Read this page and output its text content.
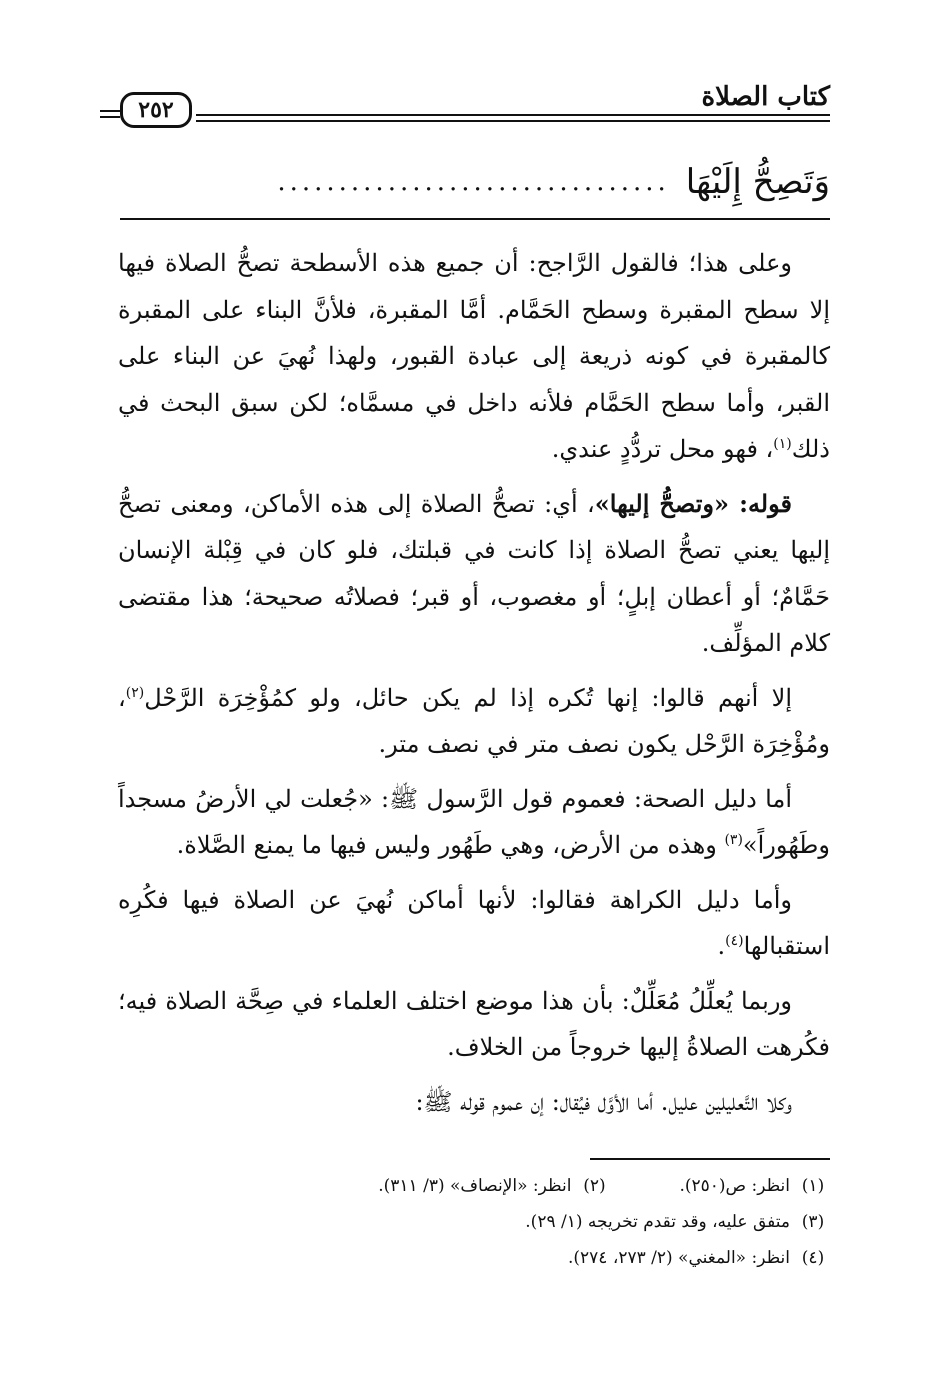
٢٥٢	كتاب الصلاة
وَتَصِحُّ إِلَيْهَا
................................

وعلى هذا؛ فالقول الرَّاجح: أن جميع هذه الأسطحة تصحُّ الصلاة فيها إلا سطح المقبرة وسطح الحَمَّام. أمَّا المقبرة، فلأنَّ البناء على المقبرة كالمقبرة في كونه ذريعة إلى عبادة القبور، ولهذا نُهيَ عن البناء على القبر، وأما سطح الحَمَّام فلأنه داخل في مسمَّاه؛ لكن سبق البحث في ذلك$^{(١)}$، فهو محل تردُّدٍ عندي.

قوله: «وتصحُّ إليها»، أي: تصحُّ الصلاة إلى هذه الأماكن، ومعنى تصحُّ إليها يعني تصحُّ الصلاة إذا كانت في قبلتك، فلو كان في قِبْلة الإنسان حَمَّامٌ؛ أو أعطان إبلٍ؛ أو مغصوب، أو قبر؛ فصلاتُه صحيحة؛ هذا مقتضى كلام المؤلِّف.

إلا أنهم قالوا: إنها تُكره إذا لم يكن حائل، ولو كمُؤْخِرَة الرَّحْل$^{(٢)}$، ومُؤْخِرَة الرَّحْل يكون نصف متر في نصف متر.

أما دليل الصحة: فعموم قول الرَّسول ﷺ: «جُعلت لي الأرضُ مسجداً وطَهُوراً»$^{(٣)}$ وهذه من الأرض، وهي طَهُور وليس فيها ما يمنع الصَّلاة.

وأما دليل الكراهة فقالوا: لأنها أماكن نُهيَ عن الصلاة فيها فكُرِه استقبالها$^{(٤)}$.

وربما يُعلِّلُ مُعَلِّلٌ: بأن هذا موضع اختلف العلماء في صِحَّة الصلاة فيه؛ فكُرهت الصلاةُ إليها خروجاً من الخلاف.

وكلا التَّعليلين عليل. أما الأوَّل فيُقال: إن عموم قوله ﷺ:

(١)
انظر: ص(٢٥٠).
(٢)
انظر: «الإنصاف» (٣/ ٣١١).
(٣)
متفق عليه، وقد تقدم تخريجه (١/ ٢٩).
(٤)
انظر: «المغني» (٢/ ٢٧٣، ٢٧٤).
